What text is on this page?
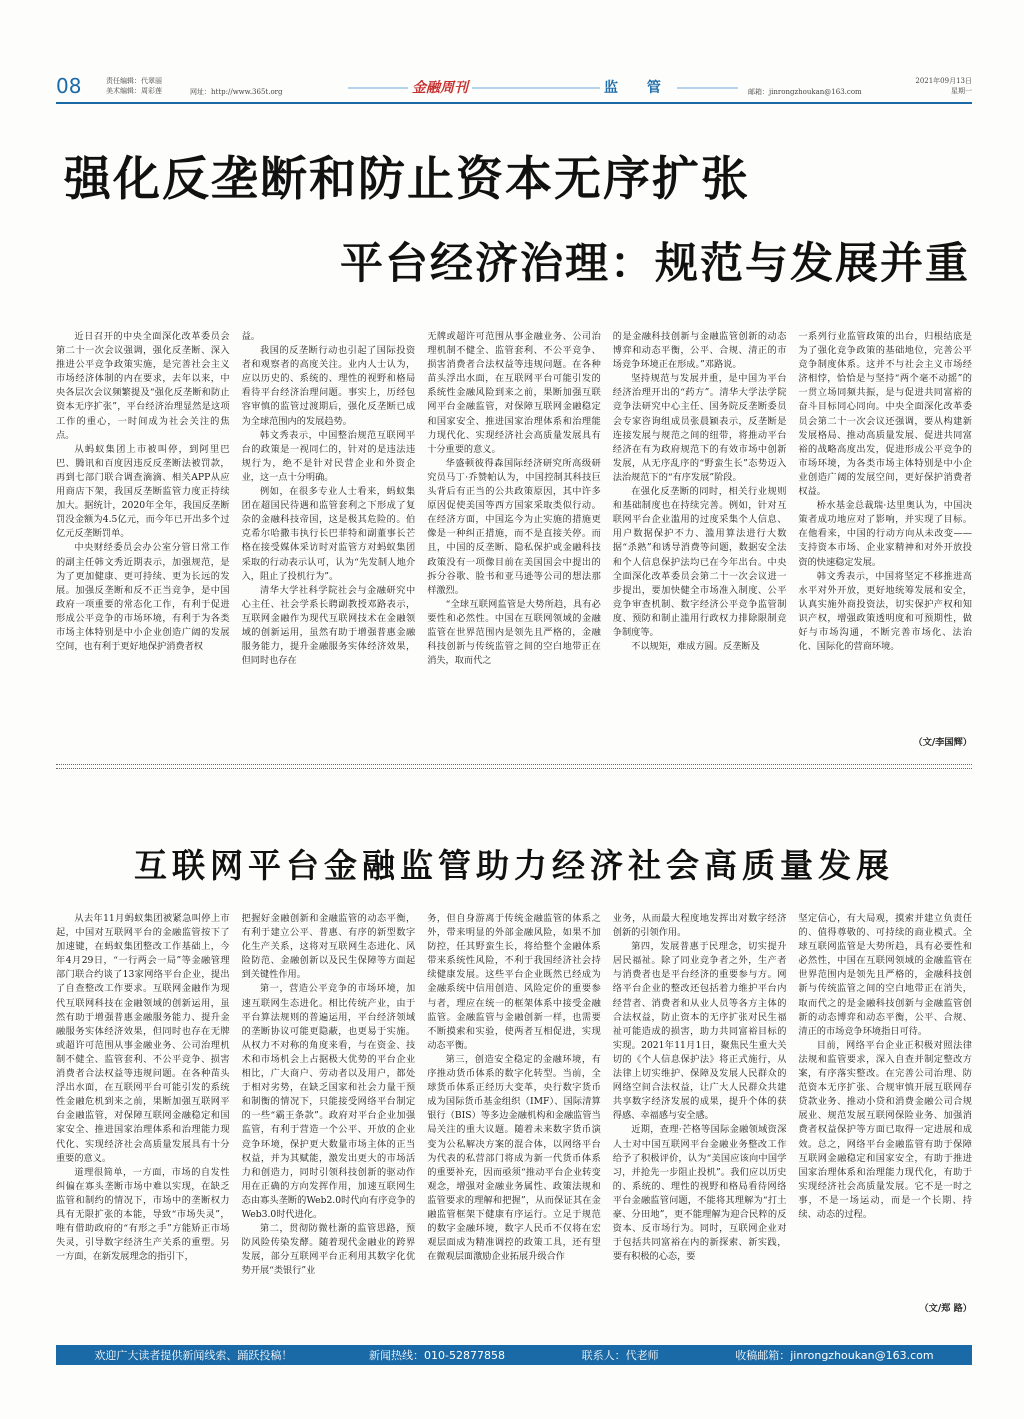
08	责任编辑：代翠丽
美术编辑：周彩莲	网址：http://www.365t.org	金融周刊	监 管	邮箱：jinrongzhoukan@163.com
2021年09月13日
星期一
强化反垄断和防止资本无序扩张
平台经济治理：规范与发展并重

近日召开的中央全面深化改革委员会第二十一次会议强调，强化反垄断、深入推进公平竞争政策实施，是完善社会主义市场经济体制的内在要求，去年以来，中央各层次会议频繁提及“强化反垄断和防止资本无序扩张”，平台经济治理显然是这项工作的重心，一时间成为社会关注的焦点。

从蚂蚁集团上市被叫停，到阿里巴巴、腾讯和百度因违反反垄断法被罚款，再到七部门联合调查滴滴、相关APP从应用商店下架，我国反垄断监管力度正持续加大。据统计，2020年全年，我国反垄断罚没金额为4.5亿元，而今年已开出多个过亿元反垄断罚单。

中央财经委员会办公室分管日常工作的副主任韩文秀近期表示，加强规范，是为了更加健康、更可持续、更为长远的发展。加强反垄断和反不正当竞争，是中国政府一项重要的常态化工作，有利于促进形成公平竞争的市场环境，有利于为各类市场主体特别是中小企业创造广阔的发展空间，也有利于更好地保护消费者权

益。

我国的反垄断行动也引起了国际投资者和观察者的高度关注。业内人士认为，应以历史的、系统的、理性的视野和格局看待平台经济治理问题。事实上，历经包容审慎的监管过渡期后，强化反垄断已成为全球范围内的发展趋势。

韩文秀表示，中国整治规范互联网平台的政策是一视同仁的，针对的是违法违规行为，绝不是针对民营企业和外资企业，这一点十分明确。

例如，在很多专业人士看来，蚂蚁集团在超国民待遇和监管套利之下形成了复杂的金融科技帝国，这是极其危险的。伯克希尔哈撒韦执行长巴菲特和副董事长芒格在接受媒体采访时对监管方对蚂蚁集团采取的行动表示认可，认为“先发制人地介入，阻止了投机行为”。

清华大学社科学院社会与金融研究中心主任、社会学系长聘副教授邓路表示，互联网金融作为现代互联网技术在金融领域的创新运用，虽然有助于增强普惠金融服务能力，提升金融服务实体经济效果，但同时也存在

无牌或超许可范围从事金融业务、公司治理机制不健全、监管套利、不公平竞争、损害消费者合法权益等违规问题。在各种苗头浮出水面，在互联网平台可能引发的系统性金融风险到来之前，果断加强互联网平台金融监管，对保障互联网金融稳定和国家安全、推进国家治理体系和治理能力现代化、实现经济社会高质量发展具有十分重要的意义。

华盛顿彼得森国际经济研究所高级研究员马丁·乔赞帕认为，中国控制其科技巨头背后有正当的公共政策原因，其中许多原因促使美国等西方国家采取类似行动。在经济方面，中国迄今为止实施的措施更像是一种纠正措施，而不是直接关停。而且，中国的反垄断、隐私保护或金融科技政策没有一项像目前在美国国会中提出的拆分谷歌、脸书和亚马逊等公司的想法那样激烈。

“全球互联网监管是大势所趋，具有必要性和必然性。中国在互联网领域的金融监管在世界范围内是领先且严格的，金融科技创新与传统监管之间的空白地带正在消失，取而代之

的是金融科技创新与金融监管创新的动态博弈和动态平衡，公平、合规、清正的市场竞争环境正在形成。”邓路说。

坚持规范与发展并重，是中国为平台经济治理开出的“药方”。清华大学法学院竞争法研究中心主任、国务院反垄断委员会专家咨询组成员张晨颖表示，反垄断是连接发展与规范之间的纽带，将推动平台经济在有为政府规范下的有效市场中创新发展，从无序乱序的“野蛮生长”态势迈入法治规范下的“有序发展”阶段。

在强化反垄断的同时，相关行业规则和基础制度也在持续完善。例如，针对互联网平台企业滥用的过度采集个人信息、用户数据保护不力、滥用算法进行大数据“杀熟”和诱导消费等问题，数据安全法和个人信息保护法均已在今年出台。中央全面深化改革委员会第二十一次会议进一步提出，要加快健全市场准入制度、公平竞争审查机制、数字经济公平竞争监管制度、预防和制止滥用行政权力排除限制竞争制度等。

不以规矩，难成方圆。反垄断及

一系列行业监管政策的出台，归根结底是为了强化竞争政策的基础地位，完善公平竞争制度体系。这并不与社会主义市场经济相悖，恰恰是与坚持“两个毫不动摇”的一贯立场同频共振，是与促进共同富裕的奋斗目标同心同向。中央全面深化改革委员会第二十一次会议还强调，要从构建新发展格局、推动高质量发展、促进共同富裕的战略高度出发，促进形成公平竞争的市场环境，为各类市场主体特别是中小企业创造广阔的发展空间，更好保护消费者权益。

桥水基金总裁瑞·达里奥认为，中国决策者成功地应对了影响，并实现了目标。在他看来，中国的行动方向从未改变——支持资本市场、企业家精神和对外开放投资的快速稳定发展。

韩文秀表示，中国将坚定不移推进高水平对外开放，更好地统筹发展和安全，认真实施外商投资法，切实保护产权和知识产权，增强政策透明度和可预期性，做好与市场沟通，不断完善市场化、法治化、国际化的营商环境。

（文/李国辉）
互联网平台金融监管助力经济社会高质量发展

从去年11月蚂蚁集团被紧急叫停上市起，中国对互联网平台的金融监管按下了加速键，在蚂蚁集团整改工作基础上，今年4月29日，“一行两会一局”等金融管理部门联合约谈了13家网络平台企业，提出了自查整改工作要求。互联网金融作为现代互联网科技在金融领域的创新运用，虽然有助于增强普惠金融服务能力、提升金融服务实体经济效果，但同时也存在无牌或超许可范围从事金融业务、公司治理机制不健全、监管套利、不公平竞争、损害消费者合法权益等违规问题。在各种苗头浮出水面，在互联网平台可能引发的系统性金融危机到来之前，果断加强互联网平台金融监管，对保障互联网金融稳定和国家安全、推进国家治理体系和治理能力现代化、实现经济社会高质量发展具有十分重要的意义。

道理很简单，一方面，市场的自发性纠偏在寡头垄断市场中难以实现，在缺乏监管和制约的情况下，市场中的垄断权力具有无限扩张的本能，导致“市场失灵”，唯有借助政府的“有形之手”方能矫正市场失灵，引导数字经济生产关系的重塑。另一方面，在新发展理念的指引下，

把握好金融创新和金融监管的动态平衡，有利于建立公平、普惠、有序的新型数字化生产关系，这将对互联网生态进化、风险防范、金融创新以及民生保障等方面起到关键性作用。

第一，营造公平竞争的市场环境，加速互联网生态进化。相比传统产业，由于平台算法规则的普遍运用，平台经济领域的垄断协议可能更隐蔽，也更易于实施。从权力不对称的角度来看，与在资金、技术和市场机会上占据极大优势的平台企业相比，广大商户、劳动者以及用户，都处于相对劣势，在缺乏国家和社会力量干预和制衡的情况下，只能接受网络平台制定的一些“霸王条款”。政府对平台企业加强监管，有利于营造一个公平、开放的企业竞争环境，保护更大数量市场主体的正当权益，并为其赋能，激发出更大的市场活力和创造力，同时引领科技创新的驱动作用在正确的方向发挥作用，加速互联网生态由寡头垄断的Web2.0时代向有序竞争的Web3.0时代进化。

第二，贯彻防微杜渐的监管思路，预防风险传染发酵。随着现代金融业的跨界发展，部分互联网平台正利用其数字化优势开展“类银行”业

务，但自身游离于传统金融监管的体系之外，带来明显的外部金融风险，如果不加防控，任其野蛮生长，将给整个金融体系带来系统性风险，不利于我国经济社会持续健康发展。这些平台企业既然已经成为金融系统中信用创造、风险定价的重要参与者，理应在统一的框架体系中接受金融监管。金融监管与金融创新一样，也需要不断摸索和实验，使两者互相促进，实现动态平衡。

第三，创造安全稳定的金融环境，有序推动货币体系的数字化转型。当前，全球货币体系正经历大变革，央行数字货币成为国际货币基金组织（IMF）、国际清算银行（BIS）等多边金融机构和金融监管当局关注的重大议题。随着未来数字货币演变为公私解决方案的混合体，以网络平台为代表的私营部门将成为新一代货币体系的重要补充，因而亟须“推动平台企业转变观念，增强对金融业务属性、政策法规和监管要求的理解和把握”，从而保证其在金融监管框架下健康有序运行。立足于规范的数字金融环境，数字人民币不仅将在宏观层面成为精准调控的政策工具，还有望在微观层面激励企业拓展升级合作

业务，从而最大程度地发挥出对数字经济创新的引领作用。

第四，发展普惠于民理念，切实提升居民福祉。除了同业竞争者之外，生产者与消费者也是平台经济的重要参与方。网络平台企业的整改还包括着力维护平台内经营者、消费者和从业人员等各方主体的合法权益，防止资本的无序扩张对民生福祉可能造成的损害，助力共同富裕目标的实现。2021年11月1日，聚焦民生重大关切的《个人信息保护法》将正式施行，从法律上切实维护、保障及发展人民群众的网络空间合法权益，让广大人民群众共建共享数字经济发展的成果，提升个体的获得感、幸福感与安全感。

近期，查理·芒格等国际金融领域资深人士对中国互联网平台金融业务整改工作给予了积极评价，认为“美国应该向中国学习，并抢先一步阻止投机”。我们应以历史的、系统的、理性的视野和格局看待网络平台金融监管问题，不能将其理解为“打土豪、分田地”，更不能理解为迎合民粹的反资本、反市场行为。同时，互联网企业对于包括共同富裕在内的新探索、新实践，要有积极的心态，要

坚定信心，有大局观，摸索并建立负责任的、值得尊敬的、可持续的商业模式。全球互联网监管是大势所趋，具有必要性和必然性，中国在互联网领域的金融监管在世界范围内是领先且严格的，金融科技创新与传统监管之间的空白地带正在消失，取而代之的是金融科技创新与金融监管创新的动态博弈和动态平衡，公平、合规、清正的市场竞争环境指日可待。

目前，网络平台企业正积极对照法律法规和监管要求，深入自查并制定整改方案，有序落实整改。在完善公司治理、防范资本无序扩张、合规审慎开展互联网存贷款业务、推动小贷和消费金融公司合规展业、规范发展互联网保险业务、加强消费者权益保护等方面已取得一定进展和成效。总之，网络平台金融监管有助于保障互联网金融稳定和国家安全，有助于推进国家治理体系和治理能力现代化，有助于实现经济社会高质量发展。它不是一时之事，不是一场运动，而是一个长期、持续、动态的过程。

（文/郑 路）
欢迎广大读者提供新闻线索、踊跃投稿！	新闻热线：010-52877858	联系人：代老师	收稿邮箱：jinrongzhoukan@163.com
